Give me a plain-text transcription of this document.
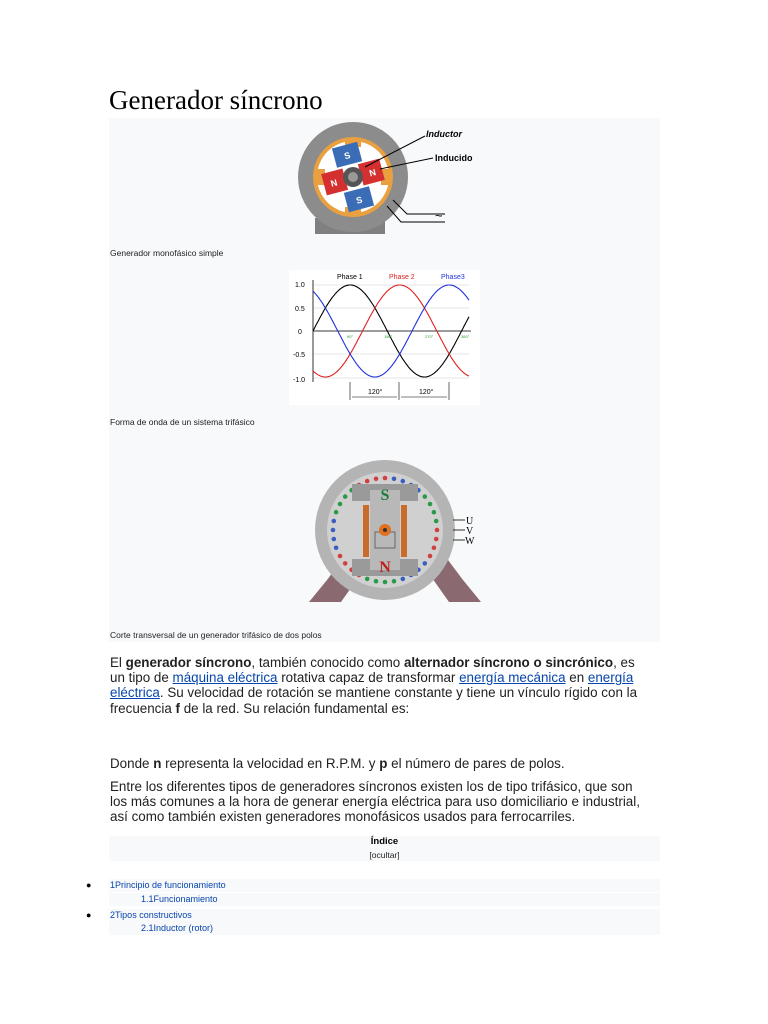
Generador síncrono
S
S
N
N
Inductor
Inducido
~
Generador monofásico simple
1.0
0.5
0
-0.5
-1.0
Phase 1	Phase 2	Phase3
90°	180°	270°	360°
120°	120°
Forma de onda de un sistema trifásico
S
N
U
V
W
Corte transversal de un generador trifásico de dos polos

El generador síncrono, también conocido como alternador síncrono o sincrónico, es un tipo de máquina eléctrica rotativa capaz de transformar energía mecánica en energía eléctrica. Su velocidad de rotación se mantiene constante y tiene un vínculo rígido con la frecuencia f de la red. Su relación fundamental es:

Donde n representa la velocidad en R.P.M. y p el número de pares de polos.

Entre los diferentes tipos de generadores síncronos existen los de tipo trifásico, que son los más comunes a la hora de generar energía eléctrica para uso domiciliario e industrial, así como también existen generadores monofásicos usados para ferrocarriles.

Índice
[ocultar]
● 1Principio de funcionamiento
1.1Funcionamiento
● 2Tipos constructivos
2.1Inductor (rotor)
